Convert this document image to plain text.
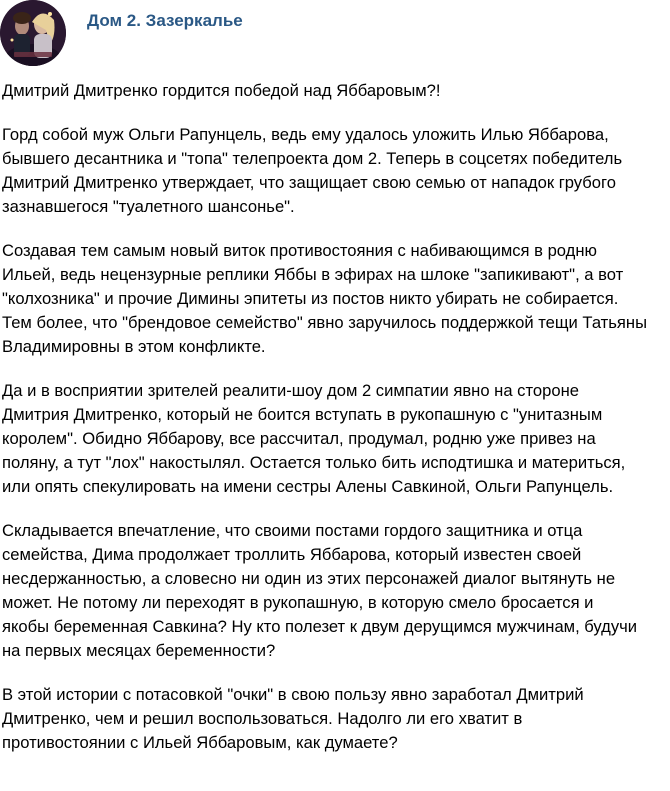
Дом 2. Зазеркалье
Дмитрий Дмитренко гордится победой над Яббаровым?!
Горд собой муж Ольги Рапунцель, ведь ему удалось уложить Илью Яббарова,
бывшего десантника и "топа" телепроекта дом 2. Теперь в соцсетях победитель
Дмитрий Дмитренко утверждает, что защищает свою семью от нападок грубого
зазнавшегося "туалетного шансонье".
Создавая тем самым новый виток противостояния с набивающимся в родню
Ильей, ведь нецензурные реплики Яббы в эфирах на шлоке "запикивают", а вот
"колхозника" и прочие Димины эпитеты из постов никто убирать не собирается.
Тем более, что "брендовое семейство" явно заручилось поддержкой тещи Татьяны
Владимировны в этом конфликте.
Да и в восприятии зрителей реалити-шоу дом 2 симпатии явно на стороне
Дмитрия Дмитренко, который не боится вступать в рукопашную с "унитазным
королем". Обидно Яббарову, все рассчитал, продумал, родню уже привез на
поляну, а тут "лох" накостылял. Остается только бить исподтишка и материться,
или опять спекулировать на имени сестры Алены Савкиной, Ольги Рапунцель.
Складывается впечатление, что своими постами гордого защитника и отца
семейства, Дима продолжает троллить Яббарова, который известен своей
несдержанностью, а словесно ни один из этих персонажей диалог вытянуть не
может. Не потому ли переходят в рукопашную, в которую смело бросается и
якобы беременная Савкина? Ну кто полезет к двум дерущимся мужчинам, будучи
на первых месяцах беременности?
В этой истории с потасовкой "очки" в свою пользу явно заработал Дмитрий
Дмитренко, чем и решил воспользоваться. Надолго ли его хватит в
противостоянии с Ильей Яббаровым, как думаете?
